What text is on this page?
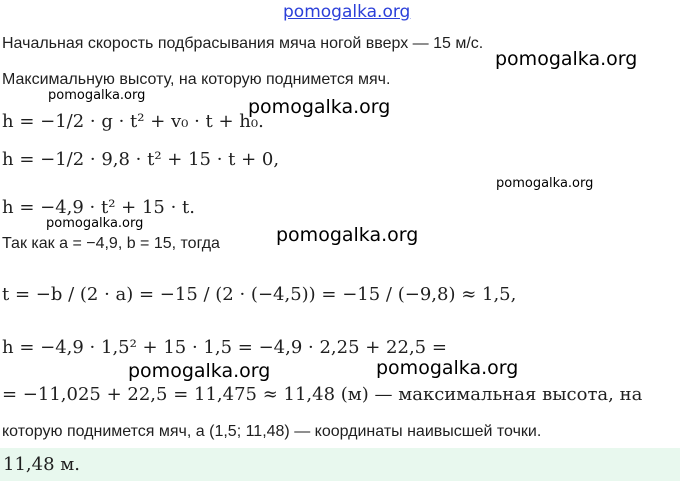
pomogalka.org
pomogalka.org
pomogalka.org
pomogalka.org
pomogalka.org
pomogalka.org
pomogalka.org
pomogalka.org
pomogalka.org
Начальная скорость подбрасывания мяча ногой вверх — 15 м/с.
Максимальную высоту, на которую поднимется мяч.
h = −1/2 · g · t² + v₀ · t + h₀.
h = −1/2 · 9,8 · t² + 15 · t + 0,
h = −4,9 · t² + 15 · t.
Так как a = −4,9, b = 15, тогда
t = −b / (2 · a) = −15 / (2 · (−4,5)) = −15 / (−9,8) ≈ 1,5,
h = −4,9 · 1,5² + 15 · 1,5 = −4,9 · 2,25 + 22,5 =
= −11,025 + 22,5 = 11,475 ≈ 11,48 (м) — максимальная высота, на
которую поднимется мяч, а (1,5; 11,48) — координаты наивысшей точки.
11,48 м.
